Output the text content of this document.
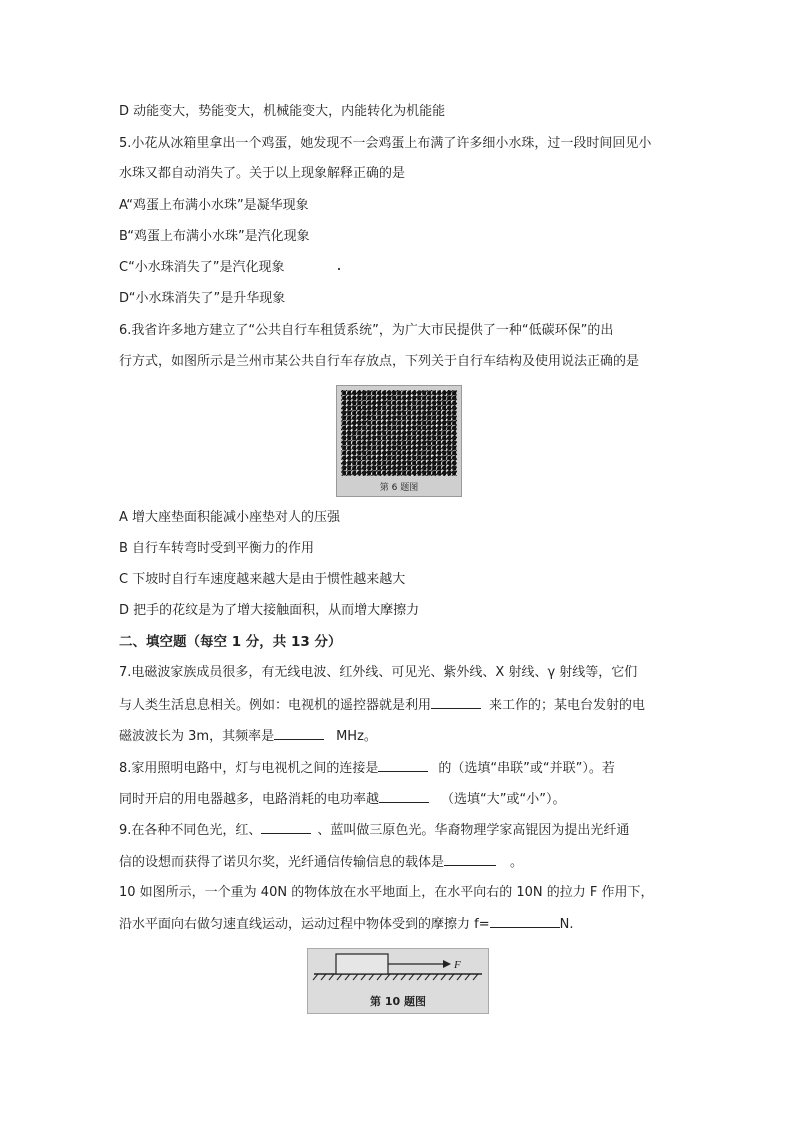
D 动能变大，势能变大，机械能变大，内能转化为机能能
5.小花从冰箱里拿出一个鸡蛋，她发现不一会鸡蛋上布满了许多细小水珠，过一段时间回见小
水珠又都自动消失了。关于以上现象解释正确的是
A“鸡蛋上布满小水珠”是凝华现象
B“鸡蛋上布满小水珠”是汽化现象
C“小水珠消失了”是汽化现象
D“小水珠消失了”是升华现象
6.我省许多地方建立了“公共自行车租赁系统”，为广大市民提供了一种“低碳环保”的出
行方式，如图所示是兰州市某公共自行车存放点，下列关于自行车结构及使用说法正确的是
第 6 题图
A 增大座垫面积能减小座垫对人的压强
B 自行车转弯时受到平衡力的作用
C 下坡时自行车速度越来越大是由于惯性越来越大
D 把手的花纹是为了增大接触面积，从而增大摩擦力
二、填空题（每空 1 分，共 13 分）
7.电磁波家族成员很多，有无线电波、红外线、可见光、紫外线、X 射线、γ 射线等，它们
与人类生活息息相关。例如：电视机的遥控器就是利用	来工作的；某电台发射的电
磁波波长为 3m，其频率是	MHz。
8.家用照明电路中，灯与电视机之间的连接是	的（选填“串联”或“并联”）。若
同时开启的用电器越多，电路消耗的电功率越	（选填“大”或“小”）。
9.在各种不同色光，红、	、蓝叫做三原色光。华裔物理学家高锟因为提出光纤通
信的设想而获得了诺贝尔奖，光纤通信传输信息的载体是	。
10 如图所示，一个重为 40N 的物体放在水平地面上，在水平向右的 10N 的拉力 F 作用下，
沿水平面向右做匀速直线运动，运动过程中物体受到的摩擦力 f=	N.
F
第 10 题图
